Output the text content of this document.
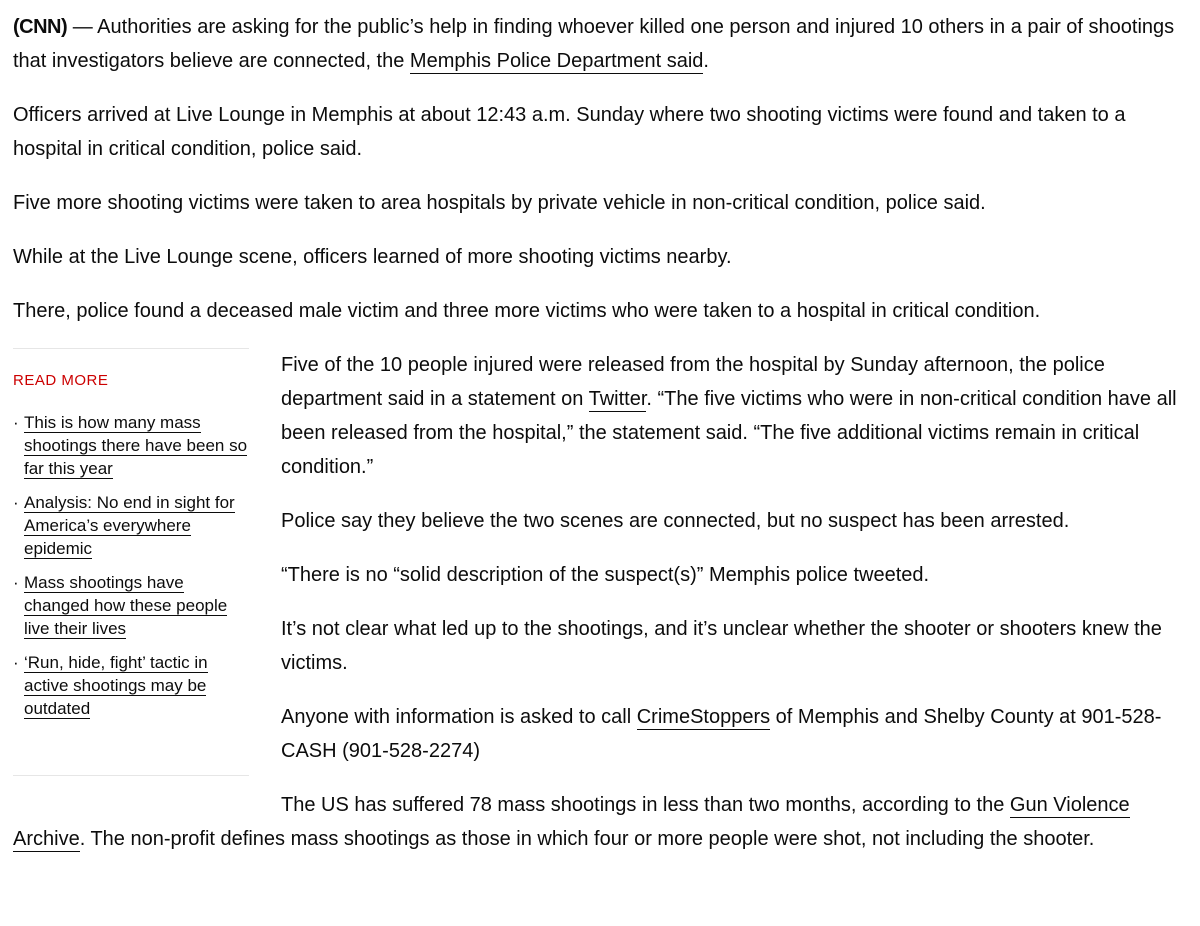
(CNN) — Authorities are asking for the public’s help in finding whoever killed one person and injured 10 others in a pair of shootings that investigators believe are connected, the Memphis Police Department said.

Officers arrived at Live Lounge in Memphis at about 12:43 a.m. Sunday where two shooting victims were found and taken to a hospital in critical condition, police said.

Five more shooting victims were taken to area hospitals by private vehicle in non-critical condition, police said.

While at the Live Lounge scene, officers learned of more shooting victims nearby.

There, police found a deceased male victim and three more victims who were taken to a hospital in critical condition.

READ MORE
· This is how many mass shootings there have been so far this year
· Analysis: No end in sight for America’s everywhere epidemic
· Mass shootings have changed how these people live their lives
· ‘Run, hide, fight’ tactic in active shootings may be outdated

Five of the 10 people injured were released from the hospital by Sunday afternoon, the police department said in a statement on Twitter. “The five victims who were in non-critical condition have all been released from the hospital,” the statement said. “The five additional victims remain in critical condition.”

Police say they believe the two scenes are connected, but no suspect has been arrested.

“There is no “solid description of the suspect(s)” Memphis police tweeted.

It’s not clear what led up to the shootings, and it’s unclear whether the shooter or shooters knew the victims.

Anyone with information is asked to call CrimeStoppers of Memphis and Shelby County at 901-528-CASH (901-528-2274)

The US has suffered 78 mass shootings in less than two months, according to the Gun Violence Archive. The non-profit defines mass shootings as those in which four or more people were shot, not including the shooter.
